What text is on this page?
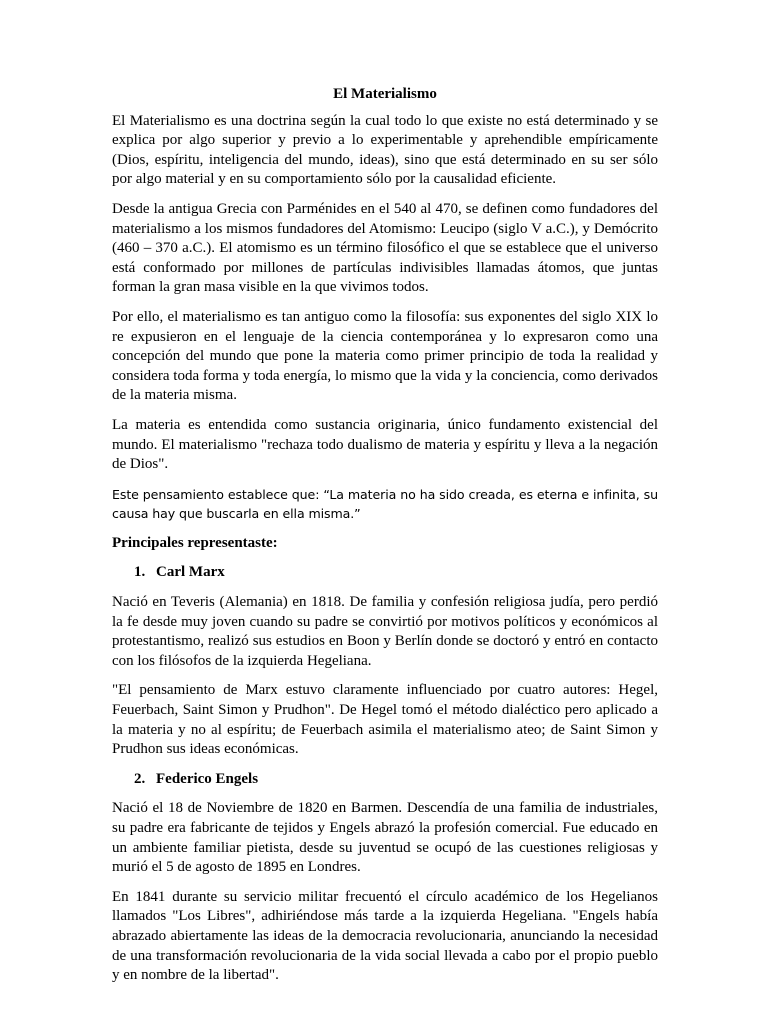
El Materialismo

El Materialismo es una doctrina según la cual todo lo que existe no está determinado y se explica por algo superior y previo a lo experimentable y aprehendible empíricamente (Dios, espíritu, inteligencia del mundo, ideas), sino que está determinado en su ser sólo por algo material y en su comportamiento sólo por la causalidad eficiente.

Desde la antigua Grecia con Parménides en el 540 al 470, se definen como fundadores del materialismo a los mismos fundadores del Atomismo: Leucipo (siglo V a.C.), y Demócrito (460 – 370 a.C.). El atomismo es un término filosófico el que se establece que el universo está conformado por millones de partículas indivisibles llamadas átomos, que juntas forman la gran masa visible en la que vivimos todos.

Por ello, el materialismo es tan antiguo como la filosofía: sus exponentes del siglo XIX lo re expusieron en el lenguaje de la ciencia contemporánea y lo expresaron como una concepción del mundo que pone la materia como primer principio de toda la realidad y considera toda forma y toda energía, lo mismo que la vida y la conciencia, como derivados de la materia misma.

La materia es entendida como sustancia originaria, único fundamento existencial del mundo. El materialismo "rechaza todo dualismo de materia y espíritu y lleva a la negación de Dios".

Este pensamiento establece que: “La materia no ha sido creada, es eterna e infinita, su causa hay que buscarla en ella misma.”

Principales representaste:
1. Carl Marx

Nació en Teveris (Alemania) en 1818. De familia y confesión religiosa judía, pero perdió la fe desde muy joven cuando su padre se convirtió por motivos políticos y económicos al protestantismo, realizó sus estudios en Boon y Berlín donde se doctoró y entró en contacto con los filósofos de la izquierda Hegeliana.

"El pensamiento de Marx estuvo claramente influenciado por cuatro autores: Hegel, Feuerbach, Saint Simon y Prudhon". De Hegel tomó el método dialéctico pero aplicado a la materia y no al espíritu; de Feuerbach asimila el materialismo ateo; de Saint Simon y Prudhon sus ideas económicas.

2. Federico Engels

Nació el 18 de Noviembre de 1820 en Barmen. Descendía de una familia de industriales, su padre era fabricante de tejidos y Engels abrazó la profesión comercial. Fue educado en un ambiente familiar pietista, desde su juventud se ocupó de las cuestiones religiosas y murió el 5 de agosto de 1895 en Londres.

En 1841 durante su servicio militar frecuentó el círculo académico de los Hegelianos llamados "Los Libres", adhiriéndose más tarde a la izquierda Hegeliana. "Engels había abrazado abiertamente las ideas de la democracia revolucionaria, anunciando la necesidad de una transformación revolucionaria de la vida social llevada a cabo por el propio pueblo y en nombre de la libertad".
